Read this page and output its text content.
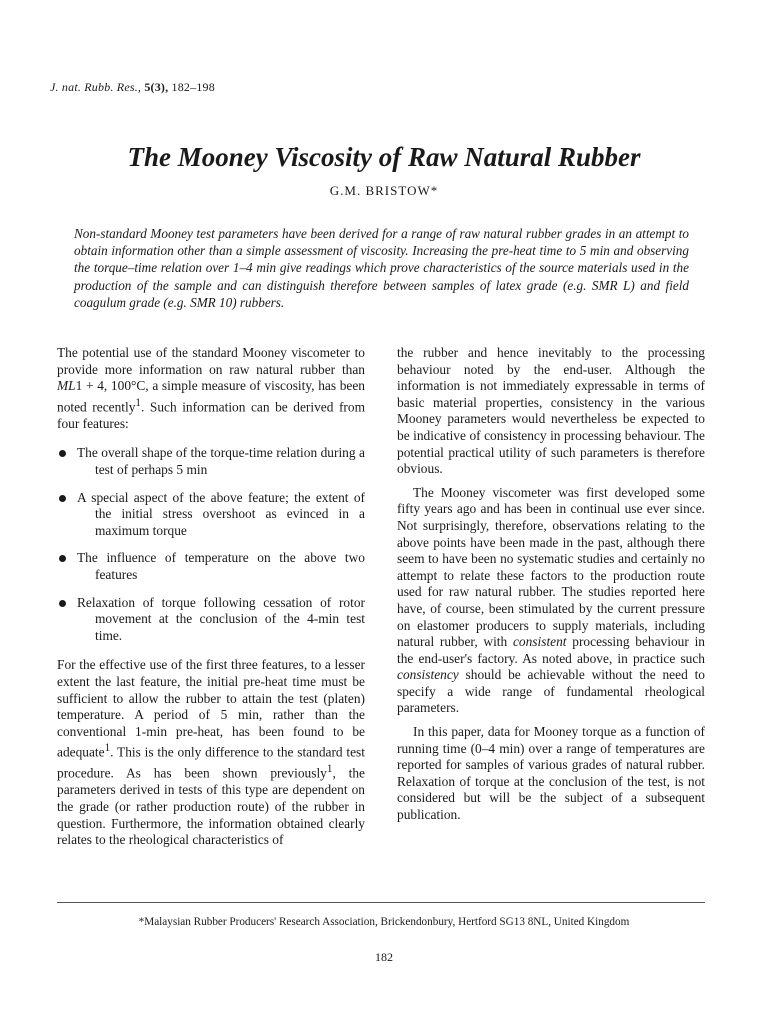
J. nat. Rubb. Res., 5(3), 182–198
The Mooney Viscosity of Raw Natural Rubber
G.M. BRISTOW*

Non-standard Mooney test parameters have been derived for a range of raw natural rubber grades in an attempt to obtain information other than a simple assessment of viscosity. Increasing the pre-heat time to 5 min and observing the torque–time relation over 1–4 min give readings which prove characteristics of the source materials used in the production of the sample and can distinguish therefore between samples of latex grade (e.g. SMR L) and field coagulum grade (e.g. SMR 10) rubbers.

The potential use of the standard Mooney viscometer to provide more information on raw natural rubber than ML1 + 4, 100°C, a simple measure of viscosity, has been noted recently$^1$. Such information can be derived from four features:

The overall shape of the torque-time relation during a test of perhaps 5 min
A special aspect of the above feature; the extent of the initial stress overshoot as evinced in a maximum torque
The influence of temperature on the above two features
Relaxation of torque following cessation of rotor movement at the conclusion of the 4-min test time.

For the effective use of the first three features, to a lesser extent the last feature, the initial pre-heat time must be sufficient to allow the rubber to attain the test (platen) temperature. A period of 5 min, rather than the conventional 1-min pre-heat, has been found to be adequate$^1$. This is the only difference to the standard test procedure. As has been shown previously$^1$, the parameters derived in tests of this type are dependent on the grade (or rather production route) of the rubber in question. Furthermore, the information obtained clearly relates to the rheological characteristics of

the rubber and hence inevitably to the processing behaviour noted by the end-user. Although the information is not immediately expressable in terms of basic material properties, consistency in the various Mooney parameters would nevertheless be expected to be indicative of consistency in processing behaviour. The potential practical utility of such parameters is therefore obvious.

The Mooney viscometer was first developed some fifty years ago and has been in continual use ever since. Not surprisingly, therefore, observations relating to the above points have been made in the past, although there seem to have been no systematic studies and certainly no attempt to relate these factors to the production route used for raw natural rubber. The studies reported here have, of course, been stimulated by the current pressure on elastomer producers to supply materials, including natural rubber, with consistent processing behaviour in the end-user's factory. As noted above, in practice such consistency should be achievable without the need to specify a wide range of fundamental rheological parameters.

In this paper, data for Mooney torque as a function of running time (0–4 min) over a range of temperatures are reported for samples of various grades of natural rubber. Relaxation of torque at the conclusion of the test, is not considered but will be the subject of a subsequent publication.

*Malaysian Rubber Producers' Research Association, Brickendonbury, Hertford SG13 8NL, United Kingdom
182
